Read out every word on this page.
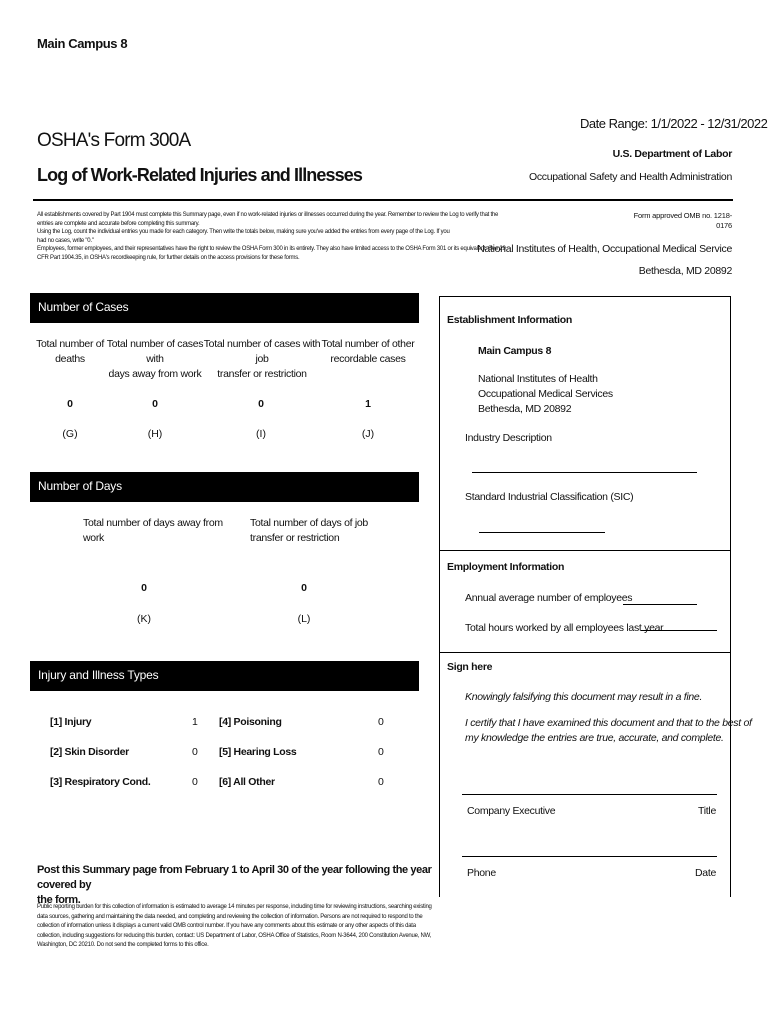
Main Campus 8
Date Range: 1/1/2022 - 12/31/2022
OSHA's Form 300A
Log of Work-Related Injuries and Illnesses
U.S. Department of Labor
Occupational Safety and Health Administration
All establishments covered by Part 1904 must complete this Summary page, even if no work-related injuries or illnesses occurred during the year. Remember to review the Log to verify that the
entries are complete and accurate before completing this summary.
Using the Log, count the individual entries you made for each category. Then write the totals below, making sure you've added the entries from every page of the Log. If you
had no cases, write "0."
Employees, former employees, and their representatives have the right to review the OSHA Form 300 in its entirety. They also have limited access to the OSHA Form 301 or its equivalent. See 29
CFR Part 1904.35, in OSHA's recordkeeping rule, for further details on the access provisions for these forms.
Form approved OMB no. 1218-
0176
National Institutes of Health, Occupational Medical Service
Bethesda, MD 20892
Number of Cases
Total number of
deaths
Total number of cases with
days away from work
Total number of cases with job
transfer or restriction
Total number of other
recordable cases
0	0	0	1
(G)	(H)	(I)	(J)
Number of Days
Total number of days away from
work
Total number of days of job
transfer or restriction
0	0
(K)	(L)
Injury and Illness Types
[1] Injury	1 [4] Poisoning	0
[2] Skin Disorder	0 [5] Hearing Loss	0
[3] Respiratory Cond.	0 [6] All Other	0
Post this Summary page from February 1 to April 30 of the year following the year covered by
the form.
Public reporting burden for this collection of information is estimated to average 14 minutes per response, including time for reviewing instructions, searching existing
data sources, gathering and maintaining the data needed, and completing and reviewing the collection of information. Persons are not required to respond to the
collection of information unless it displays a current valid OMB control number. If you have any comments about this estimate or any other aspects of this data
collection, including suggestions for reducing this burden, contact: US Department of Labor, OSHA Office of Statistics, Room N-3644, 200 Constitution Avenue, NW,
Washington, DC 20210. Do not send the completed forms to this office.
Establishment Information
Main Campus 8
National Institutes of Health
Occupational Medical Services
Bethesda, MD 20892
Industry Description
Standard Industrial Classification (SIC)
Employment Information
Annual average number of employees
Total hours worked by all employees last year
Sign here
Knowingly falsifying this document may result in a fine.
I certify that I have examined this document and that to the best of
my knowledge the entries are true, accurate, and complete.
Company Executive	Title
Phone	Date
